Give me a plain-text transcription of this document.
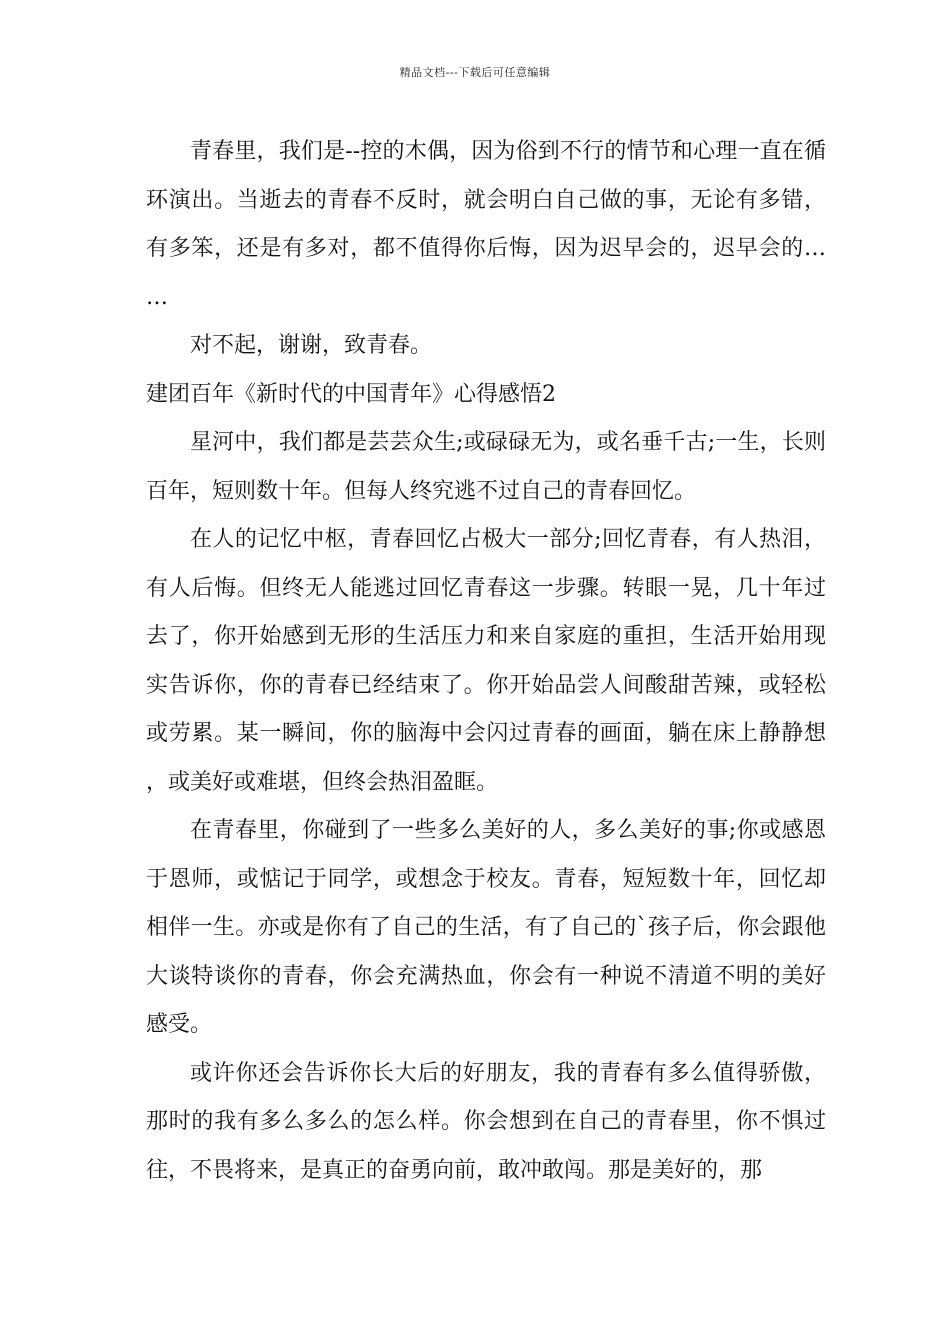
精品文档---下载后可任意编辑

青春里，我们是--控的木偶，因为俗到不行的情节和心理一直在循环演出。当逝去的青春不反时，就会明白自己做的事，无论有多错，有多笨，还是有多对，都不值得你后悔，因为迟早会的，迟早会的……

对不起，谢谢，致青春。

建团百年《新时代的中国青年》心得感悟2

星河中，我们都是芸芸众生;或碌碌无为，或名垂千古;一生，长则百年，短则数十年。但每人终究逃不过自己的青春回忆。

在人的记忆中枢，青春回忆占极大一部分;回忆青春，有人热泪，有人后悔。但终无人能逃过回忆青春这一步骤。转眼一晃，几十年过去了，你开始感到无形的生活压力和来自家庭的重担，生活开始用现实告诉你，你的青春已经结束了。你开始品尝人间酸甜苦辣，或轻松或劳累。某一瞬间，你的脑海中会闪过青春的画面，躺在床上静静想，或美好或难堪，但终会热泪盈眶。

在青春里，你碰到了一些多么美好的人，多么美好的事;你或感恩于恩师，或惦记于同学，或想念于校友。青春，短短数十年，回忆却相伴一生。亦或是你有了自己的生活，有了自己的`孩子后，你会跟他大谈特谈你的青春，你会充满热血，你会有一种说不清道不明的美好感受。

或许你还会告诉你长大后的好朋友，我的青春有多么值得骄傲，那时的我有多么多么的怎么样。你会想到在自己的青春里，你不惧过往，不畏将来，是真正的奋勇向前，敢冲敢闯。那是美好的，那
